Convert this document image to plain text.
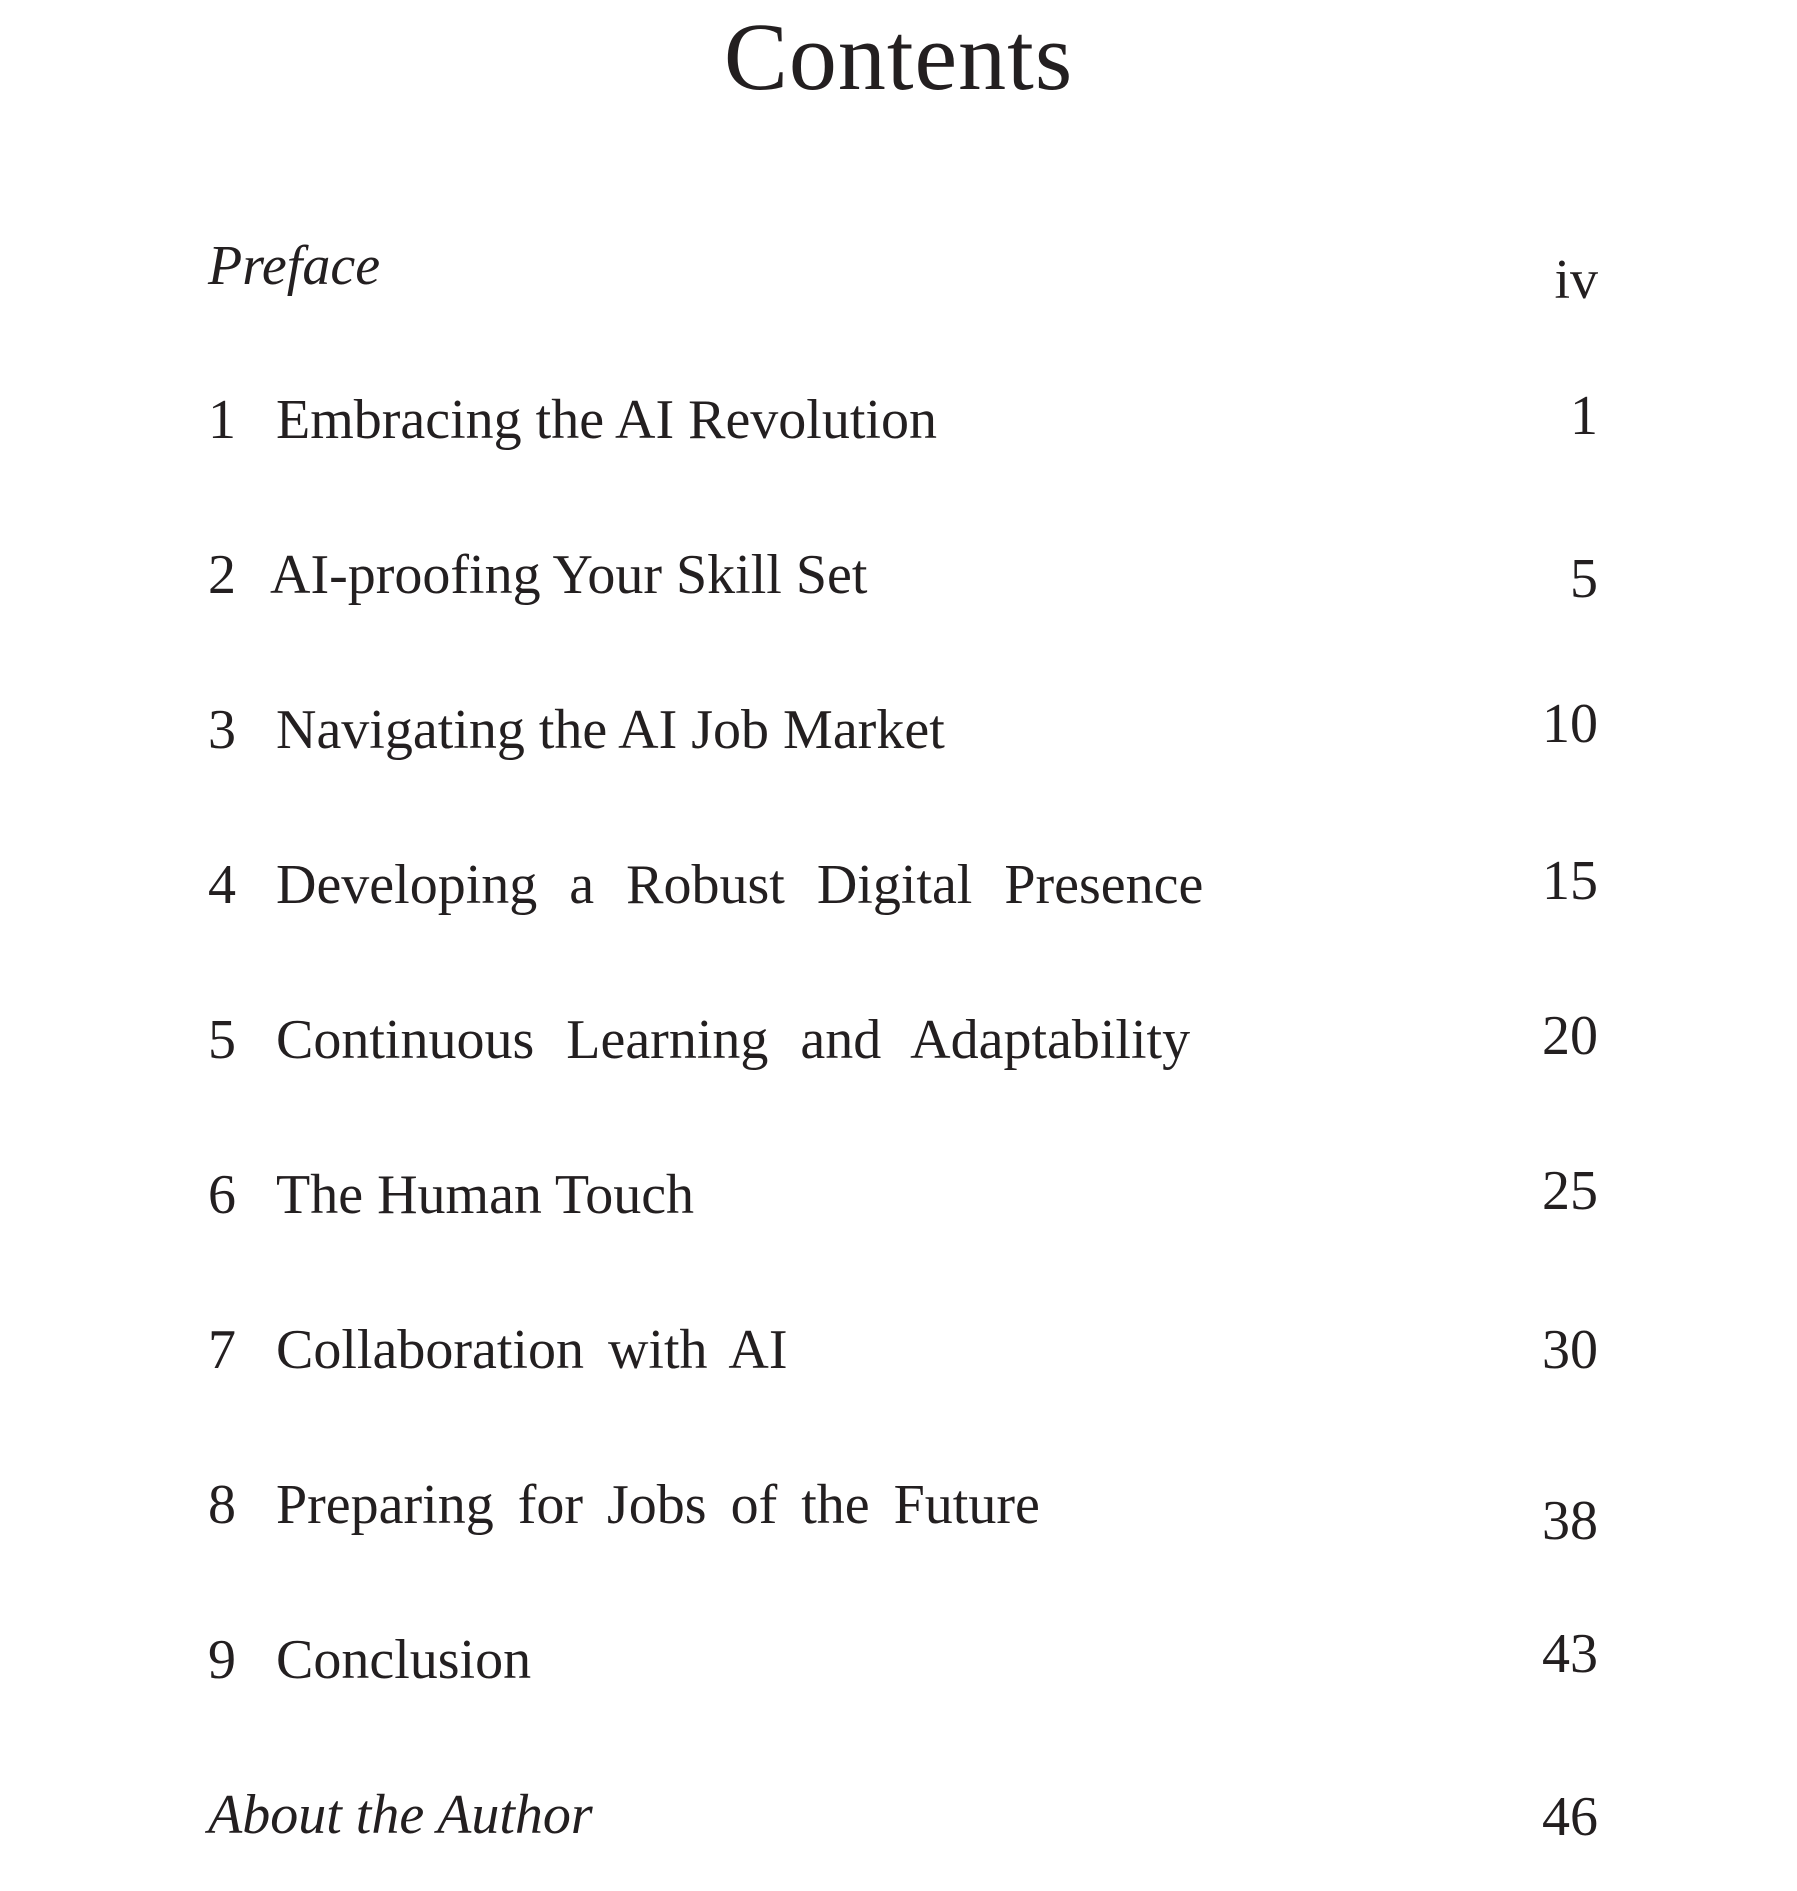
Contents
Preface	iv
1 Embracing the AI Revolution	1
2 AI-proofing Your Skill Set	5
3 Navigating the AI Job Market	10
4 Developing a Robust Digital Presence	15
5 Continuous Learning and Adaptability	20
6 The Human Touch	25
7 Collaboration with AI	30
8 Preparing for Jobs of the Future	38
9 Conclusion	43
About the Author	46
